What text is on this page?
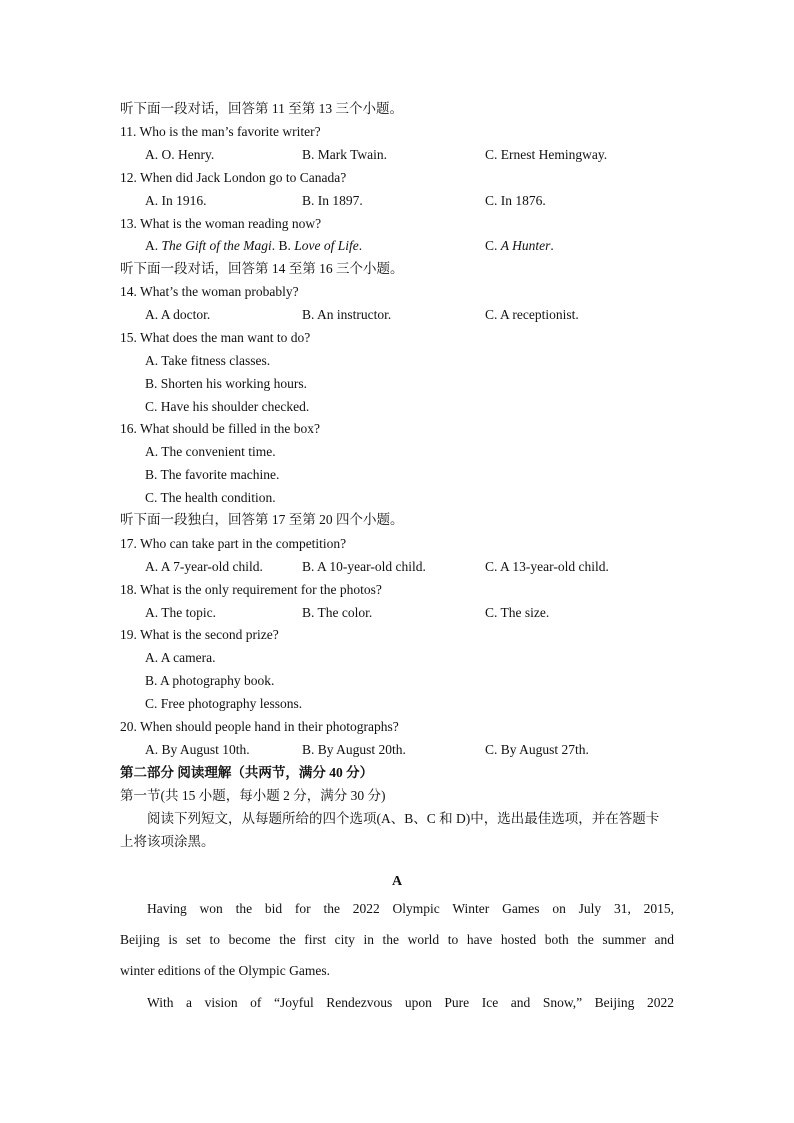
听下面一段对话，回答第 11 至第 13 三个小题。
11. Who is the man’s favorite writer?
A. O. Henry.	B. Mark Twain.	C. Ernest Hemingway.
12. When did Jack London go to Canada?
A. In 1916.	B. In 1897.	C. In 1876.
13. What is the woman reading now?
A. The Gift of the Magi. B. Love of Life.	C. A Hunter.
听下面一段对话，回答第 14 至第 16 三个小题。
14. What’s the woman probably?
A. A doctor.	B. An instructor.	C. A receptionist.
15. What does the man want to do?
A. Take fitness classes.
B. Shorten his working hours.
C. Have his shoulder checked.
16. What should be filled in the box?
A. The convenient time.
B. The favorite machine.
C. The health condition.
听下面一段独白，回答第 17 至第 20 四个小题。
17. Who can take part in the competition?
A. A 7-year-old child.	B. A 10-year-old child.	C. A 13-year-old child.
18. What is the only requirement for the photos?
A. The topic.	B. The color.	C. The size.
19. What is the second prize?
A. A camera.
B. A photography book.
C. Free photography lessons.
20. When should people hand in their photographs?
A. By August 10th.	B. By August 20th.	C. By August 27th.
第二部分 阅读理解（共两节，满分 40 分）
第一节(共 15 小题，每小题 2 分，满分 30 分)
阅读下列短文，从每题所给的四个选项(A、B、C 和 D)中，选出最佳选项，并在答题卡
上将该项涂黑。
A
Having won the bid for the 2022 Olympic Winter Games on July 31, 2015,
Beijing is set to become the first city in the world to have hosted both the summer and
winter editions of the Olympic Games.
With a vision of “Joyful Rendezvous upon Pure Ice and Snow,” Beijing 2022
